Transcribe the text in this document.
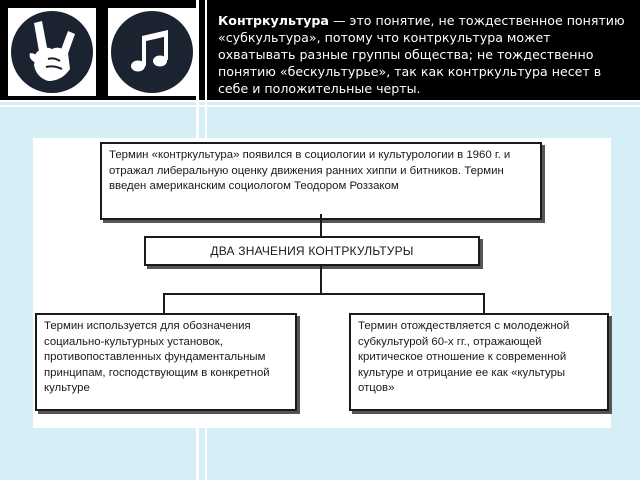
Контркультура — это понятие, не тождественное понятию «субкультура», потому что контркультура может охватывать разные группы общества; не тождественно понятию «бескультурье», так как контркультура несет в себе и положительные черты.
Термин «контркультура» появился в социологии и культурологии в 1960 г. и отражал либеральную оценку движения ранних хиппи и битников. Термин введен американским социологом Теодором Роззаком
ДВА ЗНАЧЕНИЯ КОНТРКУЛЬТУРЫ
Термин используется для обозначения социально-культурных установок, противопоставленных фундаментальным принципам, господствующим в конкретной культуре
Термин отождествляется с молодежной субкультурой 60-х гг., отражающей критическое отношение к современной культуре и отрицание ее как «культуры отцов»
